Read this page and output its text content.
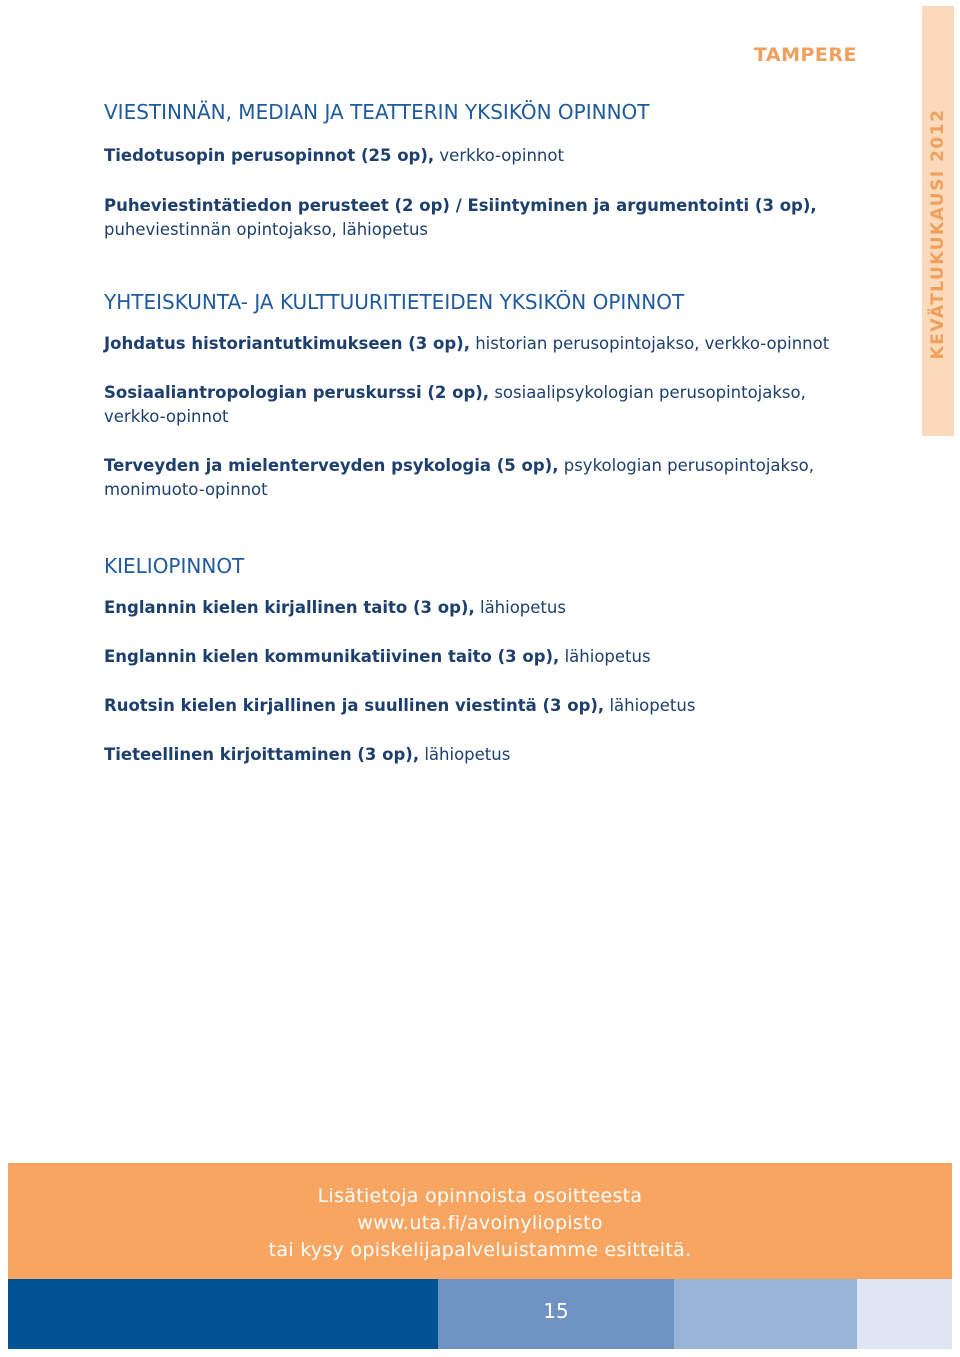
TAMPERE
KEVÄTLUKUKAUSI 2012
VIESTINNÄN, MEDIAN JA TEATTERIN YKSIKÖN OPINNOT

Tiedotusopin perusopinnot (25 op), verkko-opinnot

Puheviestintätiedon perusteet (2 op) / Esiintyminen ja argumentointi (3 op), puheviestinnän opintojakso, lähiopetus

YHTEISKUNTA- JA KULTTUURITIETEIDEN YKSIKÖN OPINNOT

Johdatus historiantutkimukseen (3 op), historian perusopintojakso, verkko-opinnot

Sosiaaliantropologian peruskurssi (2 op), sosiaalipsykologian perusopintojakso, verkko-opinnot

Terveyden ja mielenterveyden psykologia (5 op), psykologian perusopintojakso, monimuoto-opinnot

KIELIOPINNOT

Englannin kielen kirjallinen taito (3 op), lähiopetus

Englannin kielen kommunikatiivinen taito (3 op), lähiopetus

Ruotsin kielen kirjallinen ja suullinen viestintä (3 op), lähiopetus

Tieteellinen kirjoittaminen (3 op), lähiopetus

Lisätietoja opinnoista osoitteesta

www.uta.fi/avoinyliopisto

tai kysy opiskelijapalveluistamme esitteitä.

15
